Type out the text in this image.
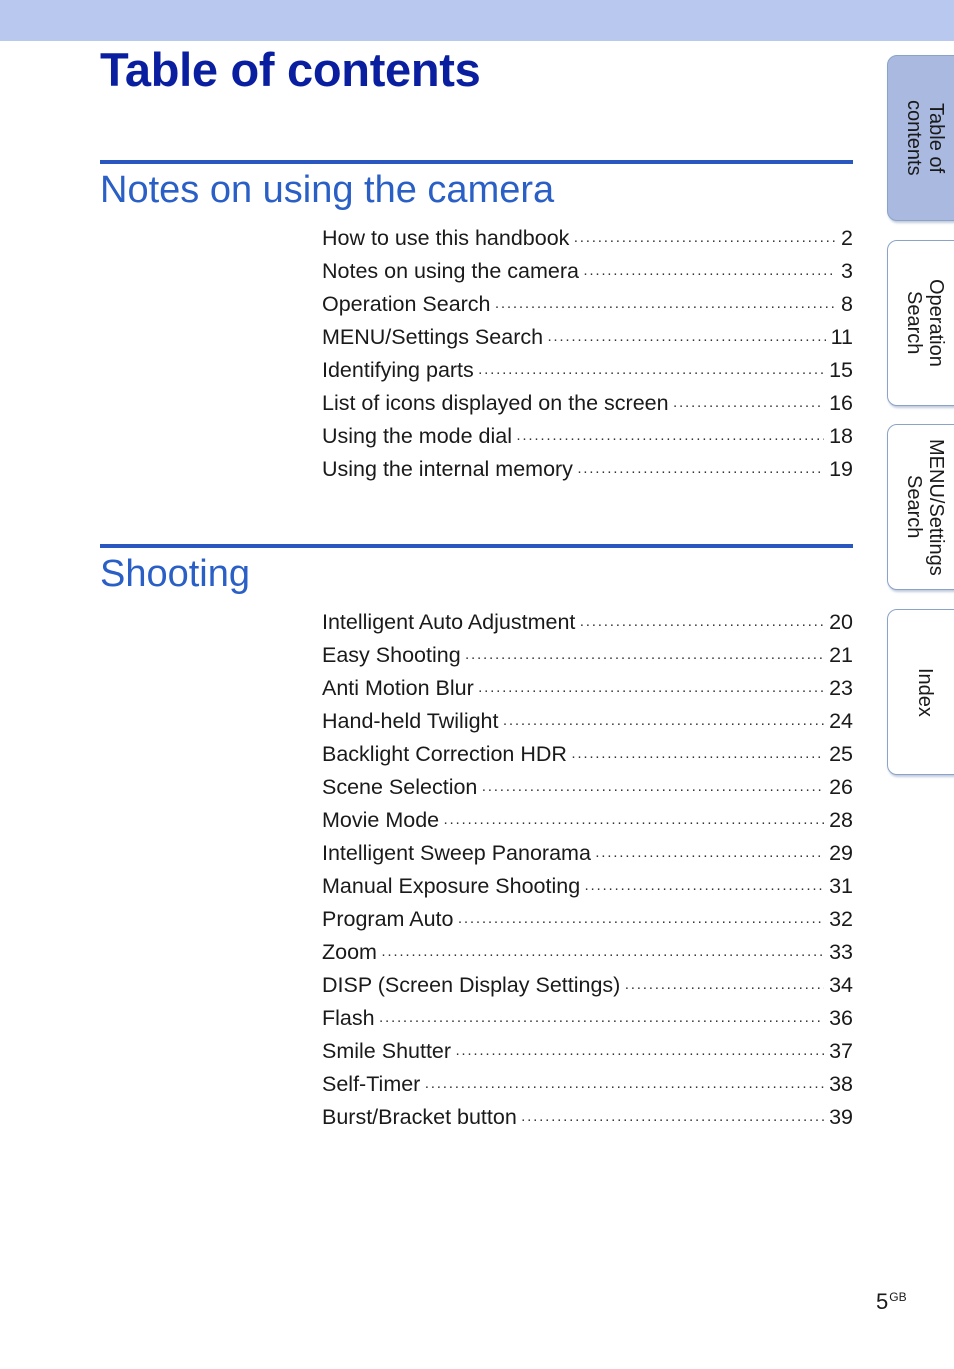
Table of contents
Notes on using the camera
How to use this handbook ·····	2
Notes on using the camera ·····	3
Operation Search ·····	8
MENU/Settings Search ·····	11
Identifying parts ·····	15
List of icons displayed on the screen ·····	16
Using the mode dial ·····	18
Using the internal memory ·····	19
Shooting
Intelligent Auto Adjustment ·····	20
Easy Shooting ·····	21
Anti Motion Blur ·····	23
Hand-held Twilight ·····	24
Backlight Correction HDR ·····	25
Scene Selection ·····	26
Movie Mode ·····	28
Intelligent Sweep Panorama ·····	29
Manual Exposure Shooting ·····	31
Program Auto ·····	32
Zoom ·····	33
DISP (Screen Display Settings) ·····	34
Flash ·····	36
Smile Shutter ·····	37
Self-Timer ·····	38
Burst/Bracket button ·····	39
Table of
contents
Operation
Search
MENU/Settings
Search
Index
$5^{GB}$
